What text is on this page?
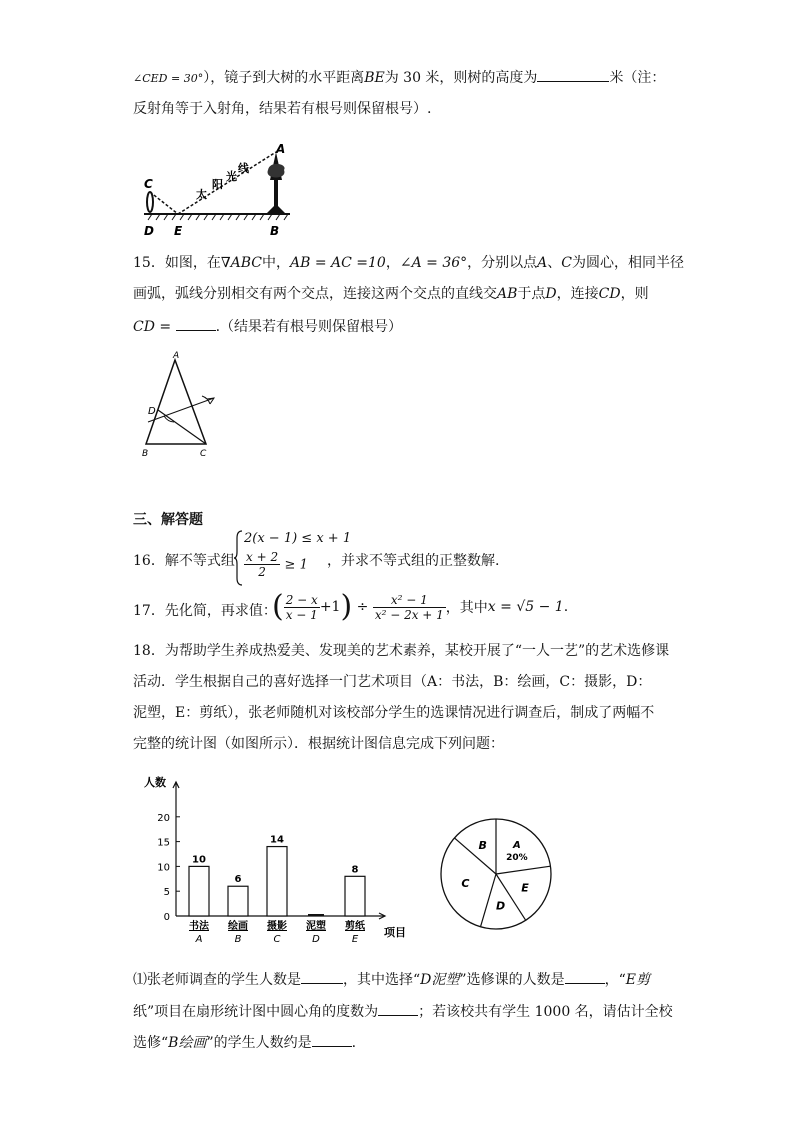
∠CED = 30°），镜子到大树的水平距离BE为 30 米，则树的高度为	米（注：
反射角等于入射角，结果若有根号则保留根号）.
C
D E
A
B
太
阳
光
线
15．如图，在∇ABC中，AB = AC =10，∠A = 36°，分别以点A、C为圆心，相同半径
画弧，弧线分别相交有两个交点，连接这两个交点的直线交AB于点D，连接CD，则
CD =	.（结果若有根号则保留根号）
A
D
B	C
三、解答题
16．解不等式组
2(x − 1) ≤ x + 1
$\frac{x + 2}{2} \ge 1$ ，并求不等式组的正整数解.
17．先化简，再求值：
( $\frac{2 - x}{x - 1} +1) \div \frac{\text{x² − 1}}{\text{x² − 2x + 1}}$ ，其中x = √5 − 1.
18．为帮助学生养成热爱美、发现美的艺术素养，某校开展了“一人一艺”的艺术选修课
活动．学生根据自己的喜好选择一门艺术项目（A：书法，B：绘画，C：摄影，D：
泥塑，E：剪纸），张老师随机对该校部分学生的选课情况进行调查后，制成了两幅不
完整的统计图（如图所示）．根据统计图信息完成下列问题：
人数
项目
0
5
10
15
20
10
书法
A
6
绘画
B
14
摄影
C
泥塑
D
8
剪纸
E
A
20%
E
D
C
B
⑴张老师调查的学生人数是	，其中选择“D泥塑”选修课的人数是	，“E剪
纸”项目在扇形统计图中圆心角的度数为	；若该校共有学生 1000 名，请估计全校
选修“B绘画”的学生人数约是	.
